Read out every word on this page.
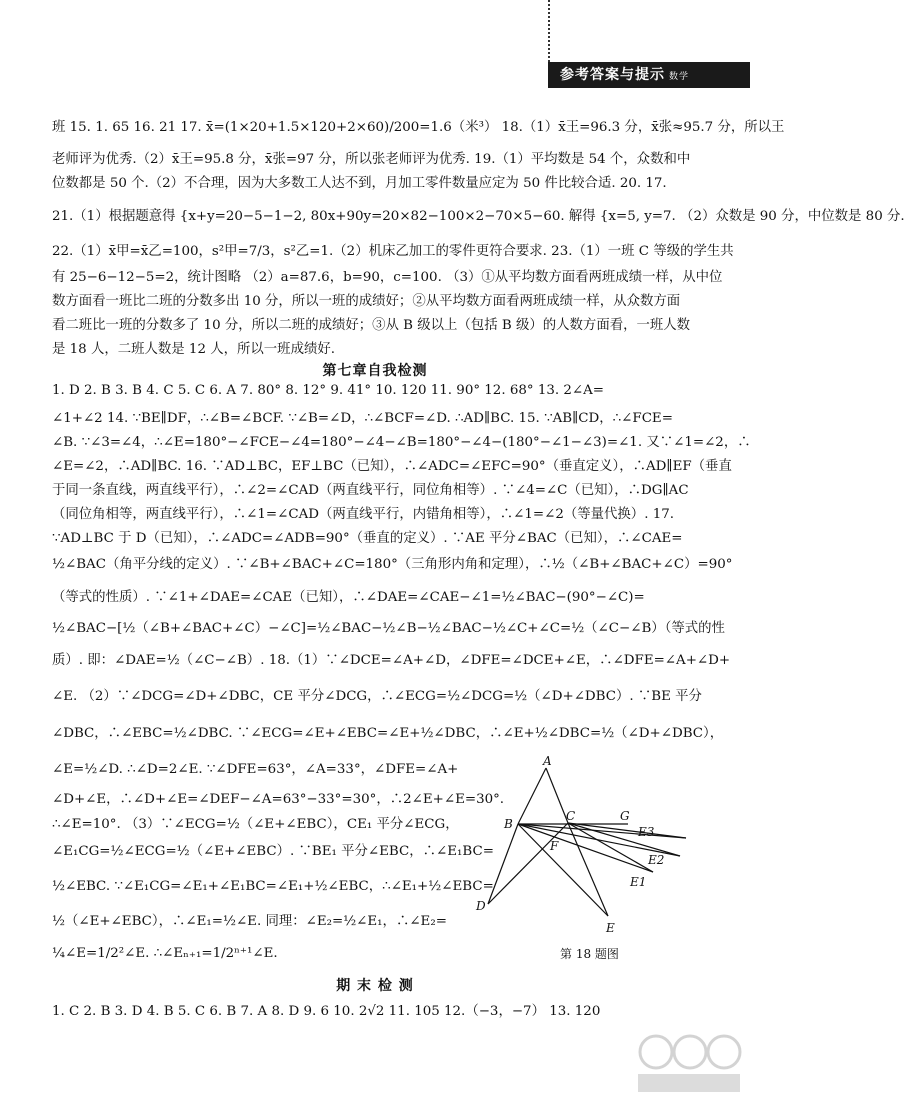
参考答案与提示 数学
班 15. 1. 65 16. 21 17. x̄=(1×20+1.5×120+2×60)/200=1.6（米³） 18.（1）x̄王=96.3 分，x̄张≈95.7 分，所以王
老师评为优秀.（2）x̄王=95.8 分，x̄张=97 分，所以张老师评为优秀. 19.（1）平均数是 54 个，众数和中
位数都是 50 个.（2）不合理，因为大多数工人达不到，月加工零件数量应定为 50 件比较合适. 20. 17.
21.（1）根据题意得 {x+y=20−5−1−2, 80x+90y=20×82−100×2−70×5−60. 解得 {x=5, y=7. （2）众数是 90 分，中位数是 80 分.
22.（1）x̄甲=x̄乙=100，s²甲=7/3，s²乙=1.（2）机床乙加工的零件更符合要求. 23.（1）一班 C 等级的学生共
有 25−6−12−5=2，统计图略 （2）a=87.6，b=90，c=100. （3）①从平均数方面看两班成绩一样，从中位
数方面看一班比二班的分数多出 10 分，所以一班的成绩好；②从平均数方面看两班成绩一样，从众数方面
看二班比一班的分数多了 10 分，所以二班的成绩好；③从 B 级以上（包括 B 级）的人数方面看，一班人数
是 18 人，二班人数是 12 人，所以一班成绩好.
第七章自我检测
1. D 2. B 3. B 4. C 5. C 6. A 7. 80° 8. 12° 9. 41° 10. 120 11. 90° 12. 68° 13. 2∠A=
∠1+∠2 14. ∵BE∥DF，∴∠B=∠BCF. ∵∠B=∠D，∴∠BCF=∠D. ∴AD∥BC. 15. ∵AB∥CD，∴∠FCE=
∠B. ∵∠3=∠4，∴∠E=180°−∠FCE−∠4=180°−∠4−∠B=180°−∠4−(180°−∠1−∠3)=∠1. 又∵∠1=∠2，∴
∠E=∠2，∴AD∥BC. 16. ∵AD⊥BC，EF⊥BC（已知），∴∠ADC=∠EFC=90°（垂直定义），∴AD∥EF（垂直
于同一条直线，两直线平行），∴∠2=∠CAD（两直线平行，同位角相等）. ∵∠4=∠C（已知），∴DG∥AC
（同位角相等，两直线平行），∴∠1=∠CAD（两直线平行，内错角相等），∴∠1=∠2（等量代换）. 17.
∵AD⊥BC 于 D（已知），∴∠ADC=∠ADB=90°（垂直的定义）. ∵AE 平分∠BAC（已知），∴∠CAE=
½∠BAC（角平分线的定义）. ∵∠B+∠BAC+∠C=180°（三角形内角和定理），∴½（∠B+∠BAC+∠C）=90°
（等式的性质）. ∵∠1+∠DAE=∠CAE（已知），∴∠DAE=∠CAE−∠1=½∠BAC−(90°−∠C)=
½∠BAC−[½（∠B+∠BAC+∠C）−∠C]=½∠BAC−½∠B−½∠BAC−½∠C+∠C=½（∠C−∠B）（等式的性
质）. 即：∠DAE=½（∠C−∠B）. 18.（1）∵∠DCE=∠A+∠D，∠DFE=∠DCE+∠E，∴∠DFE=∠A+∠D+
∠E. （2）∵∠DCG=∠D+∠DBC，CE 平分∠DCG，∴∠ECG=½∠DCG=½（∠D+∠DBC）. ∵BE 平分
∠DBC，∴∠EBC=½∠DBC. ∵∠ECG=∠E+∠EBC=∠E+½∠DBC，∴∠E+½∠DBC=½（∠D+∠DBC），
∠E=½∠D. ∴∠D=2∠E. ∵∠DFE=63°，∠A=33°，∠DFE=∠A+
∠D+∠E，∴∠D+∠E=∠DEF−∠A=63°−33°=30°，∴2∠E+∠E=30°.
∴∠E=10°. （3）∵∠ECG=½（∠E+∠EBC），CE₁ 平分∠ECG，
∠E₁CG=½∠ECG=½（∠E+∠EBC）. ∵BE₁ 平分∠EBC，∴∠E₁BC=
½∠EBC. ∵∠E₁CG=∠E₁+∠E₁BC=∠E₁+½∠EBC，∴∠E₁+½∠EBC=
½（∠E+∠EBC），∴∠E₁=½∠E. 同理：∠E₂=½∠E₁，∴∠E₂=
¼∠E=1/2²∠E. ∴∠Eₙ₊₁=1/2ⁿ⁺¹∠E.
A
B
C	G
E3
F
E2
E1
D
E
第 18 题图
期 末 检 测
1. C 2. B 3. D 4. B 5. C 6. B 7. A 8. D 9. 6 10. 2√2 11. 105 12.（−3，−7） 13. 120
